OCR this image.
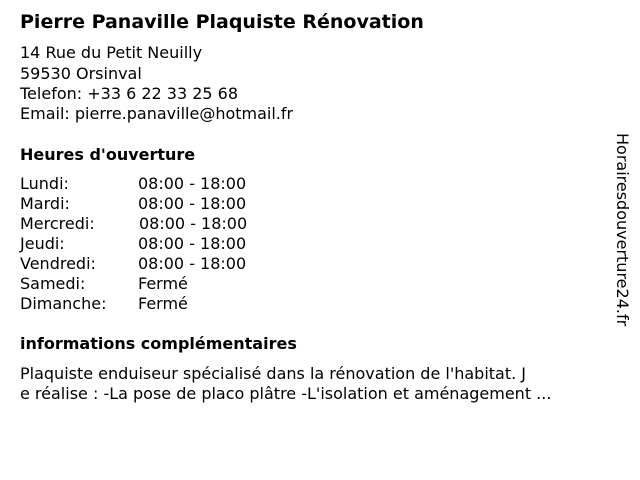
Pierre Panaville Plaquiste Rénovation
14 Rue du Petit Neuilly
59530 Orsinval
Telefon: +33 6 22 33 25 68
Email: pierre.panaville@hotmail.fr
Heures d'ouverture
Lundi:	08:00 - 18:00
Mardi:	08:00 - 18:00
Mercredi:	08:00 - 18:00
Jeudi:	08:00 - 18:00
Vendredi:	08:00 - 18:00
Samedi:	Fermé
Dimanche: Fermé
informations complémentaires
Plaquiste enduiseur spécialisé dans la rénovation de l'habitat. J
e réalise : -La pose de placo plâtre -L'isolation et aménagement ...
Horairesdouverture24.fr
